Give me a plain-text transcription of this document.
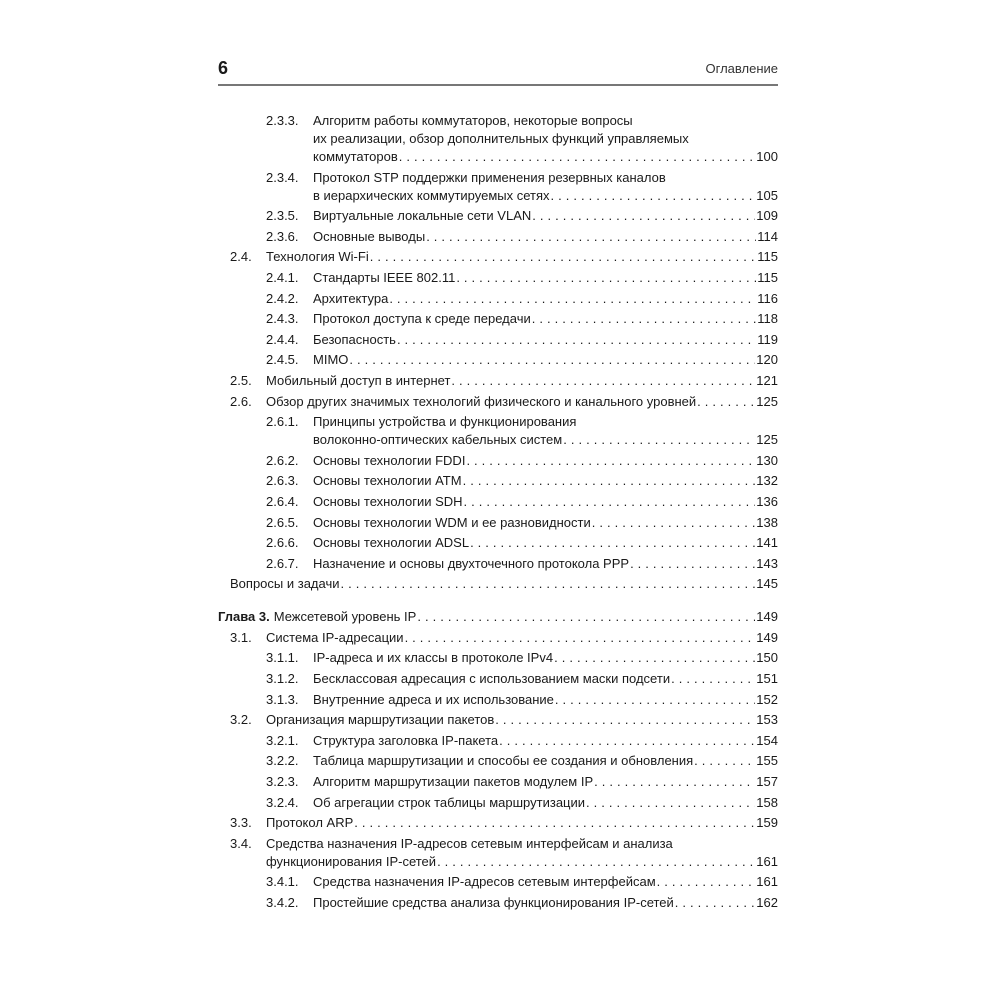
6	Оглавление
2.3.3.	Алгоритм работы коммутаторов, некоторые вопросы
их реализации, обзор дополнительных функций управляемых
коммутаторов . . .	100
2.3.4.	Протокол STP поддержки применения резервных каналов
в иерархических коммутируемых сетях . . .	105
2.3.5.	Виртуальные локальные сети VLAN . . .	109
2.3.6.	Основные выводы . . .	114
2.4.	Технология Wi-Fi . . .	115
2.4.1.	Стандарты IEEE 802.11 . . .	115
2.4.2.	Архитектура . . .	116
2.4.3.	Протокол доступа к среде передачи . . .	118
2.4.4.	Безопасность . . .	119
2.4.5.	MIMO . . .	120
2.5.	Мобильный доступ в интернет . . .	121
2.6.	Обзор других значимых технологий физического и канального уровней . . .	125
2.6.1.	Принципы устройства и функционирования
волоконно-оптических кабельных систем . . .	125
2.6.2.	Основы технологии FDDI . . .	130
2.6.3.	Основы технологии ATM . . .	132
2.6.4.	Основы технологии SDH . . .	136
2.6.5.	Основы технологии WDM и ее разновидности . . .	138
2.6.6.	Основы технологии ADSL . . .	141
2.6.7.	Назначение и основы двухточечного протокола PPP . . .	143
Вопросы и задачи . . .	145
Глава 3. Межсетевой уровень IP . . .	149
3.1.	Система IP-адресации . . .	149
3.1.1.	IP-адреса и их классы в протоколе IPv4 . . .	150
3.1.2.	Бесклассовая адресация с использованием маски подсети . . .	151
3.1.3.	Внутренние адреса и их использование . . .	152
3.2.	Организация маршрутизации пакетов . . .	153
3.2.1.	Структура заголовка IP-пакета . . .	154
3.2.2.	Таблица маршрутизации и способы ее создания и обновления . . .	155
3.2.3.	Алгоритм маршрутизации пакетов модулем IP . . .	157
3.2.4.	Об агрегации строк таблицы маршрутизации . . .	158
3.3.	Протокол ARP . . .	159
3.4.	Средства назначения IP-адресов сетевым интерфейсам и анализа
функционирования IP-сетей . . .	161
3.4.1.	Средства назначения IP-адресов сетевым интерфейсам . . .	161
3.4.2.	Простейшие средства анализа функционирования IP-сетей . . .	162
